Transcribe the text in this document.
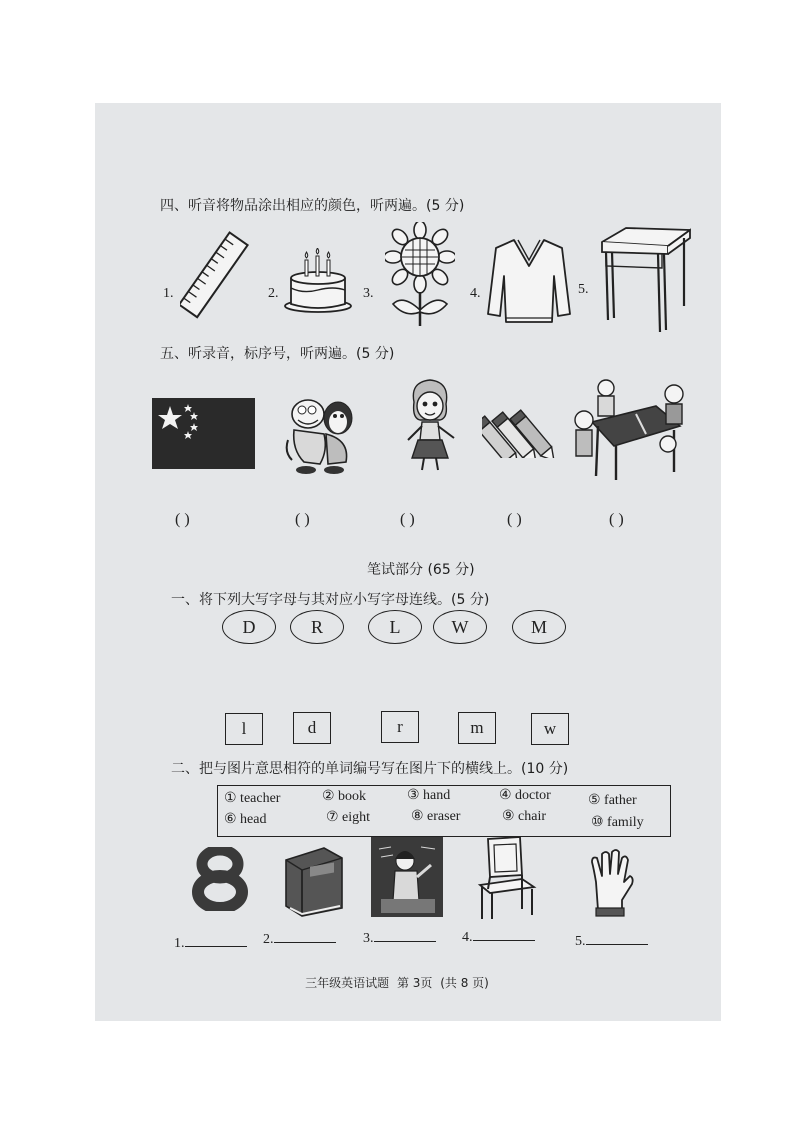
四、听音将物品涂出相应的颜色，听两遍。(5 分)
1.	2.	3.	4.	5.
五、听录音，标序号，听两遍。(5 分)
( )	( )	( )	( )	( )
笔试部分 (65 分)
一、将下列大写字母与其对应小写字母连线。(5 分)
D	R	L	W	M
l	d	r	m	w
二、把与图片意思相符的单词编号写在图片下的横线上。(10 分)
① teacher	② book	③ hand	④ doctor	⑤ father
⑥ head	⑦ eight	⑧ eraser	⑨ chair	⑩ family
1.	2.	3.	4.	5.
三年级英语试题 第 3页 (共 8 页)
